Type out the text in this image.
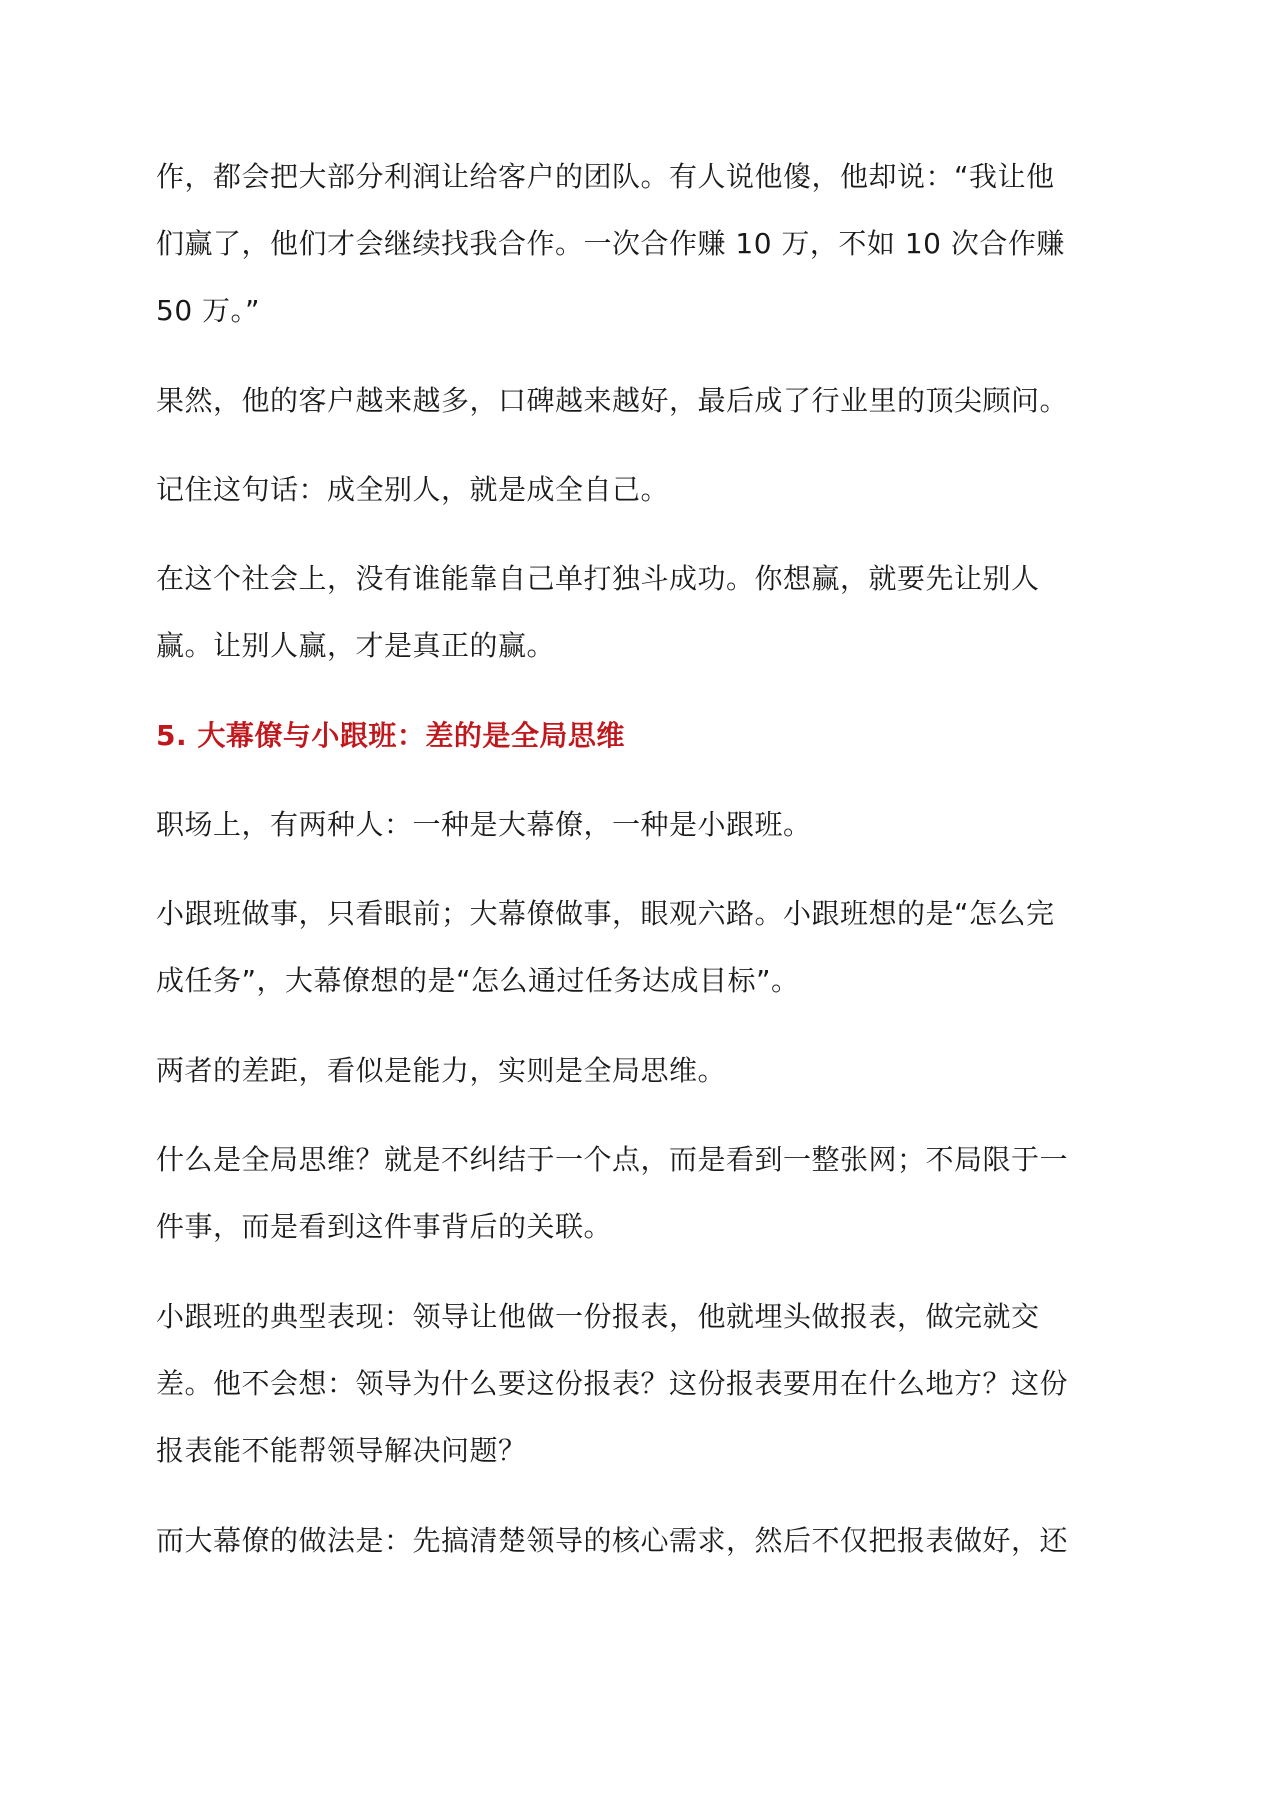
作，都会把大部分利润让给客户的团队。有人说他傻，他却说：“我让他
们赢了，他们才会继续找我合作。一次合作赚 10 万，不如 10 次合作赚
50 万。”
果然，他的客户越来越多，口碑越来越好，最后成了行业里的顶尖顾问。
记住这句话：成全别人，就是成全自己。
在这个社会上，没有谁能靠自己单打独斗成功。你想赢，就要先让别人
赢。让别人赢，才是真正的赢。
5. 大幕僚与小跟班：差的是全局思维
职场上，有两种人：一种是大幕僚，一种是小跟班。
小跟班做事，只看眼前；大幕僚做事，眼观六路。小跟班想的是“怎么完
成任务”，大幕僚想的是“怎么通过任务达成目标”。
两者的差距，看似是能力，实则是全局思维。
什么是全局思维？就是不纠结于一个点，而是看到一整张网；不局限于一
件事，而是看到这件事背后的关联。
小跟班的典型表现：领导让他做一份报表，他就埋头做报表，做完就交
差。他不会想：领导为什么要这份报表？这份报表要用在什么地方？这份
报表能不能帮领导解决问题？
而大幕僚的做法是：先搞清楚领导的核心需求，然后不仅把报表做好，还
